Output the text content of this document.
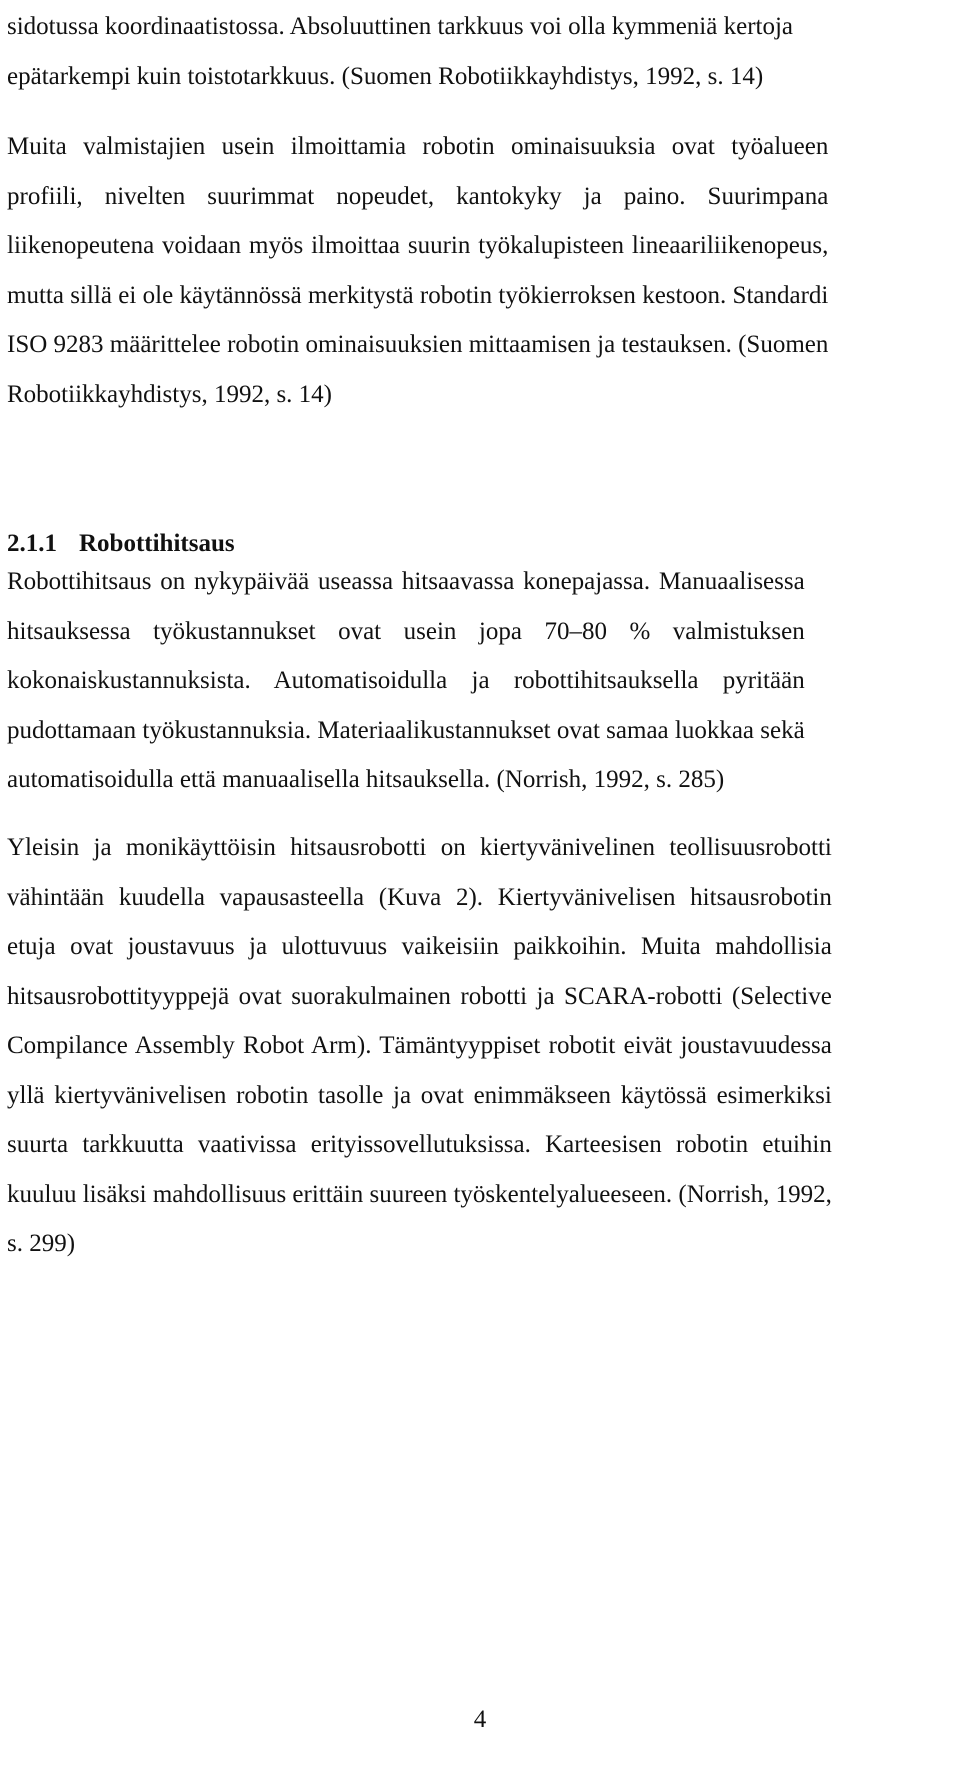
sidotussa koordinaatistossa. Absoluuttinen tarkkuus voi olla kymmeniä kertoja
epätarkempi kuin toistotarkkuus. (Suomen Robotiikkayhdistys, 1992, s. 14)

Muita valmistajien usein ilmoittamia robotin ominaisuuksia ovat työalueen
profiili, nivelten suurimmat nopeudet, kantokyky ja paino. Suurimpana
liikenopeutena voidaan myös ilmoittaa suurin työkalupisteen lineaariliikenopeus,
mutta sillä ei ole käytännössä merkitystä robotin työkierroksen kestoon. Standardi
ISO 9283 määrittelee robotin ominaisuuksien mittaamisen ja testauksen. (Suomen
Robotiikkayhdistys, 1992, s. 14)

2.1.1 Robottihitsaus

Robottihitsaus on nykypäivää useassa hitsaavassa konepajassa. Manuaalisessa
hitsauksessa työkustannukset ovat usein jopa 70–80 % valmistuksen
kokonaiskustannuksista. Automatisoidulla ja robottihitsauksella pyritään
pudottamaan työkustannuksia. Materiaalikustannukset ovat samaa luokkaa sekä
automatisoidulla että manuaalisella hitsauksella. (Norrish, 1992, s. 285)

Yleisin ja monikäyttöisin hitsausrobotti on kiertyvänivelinen teollisuusrobotti
vähintään kuudella vapausasteella (Kuva 2). Kiertyvänivelisen hitsausrobotin
etuja ovat joustavuus ja ulottuvuus vaikeisiin paikkoihin. Muita mahdollisia
hitsausrobottityyppejä ovat suorakulmainen robotti ja SCARA-robotti (Selective
Compilance Assembly Robot Arm). Tämäntyyppiset robotit eivät joustavuudessa
yllä kiertyvänivelisen robotin tasolle ja ovat enimmäkseen käytössä esimerkiksi
suurta tarkkuutta vaativissa erityissovellutuksissa. Karteesisen robotin etuihin
kuuluu lisäksi mahdollisuus erittäin suureen työskentelyalueeseen. (Norrish, 1992,
s. 299)

4
